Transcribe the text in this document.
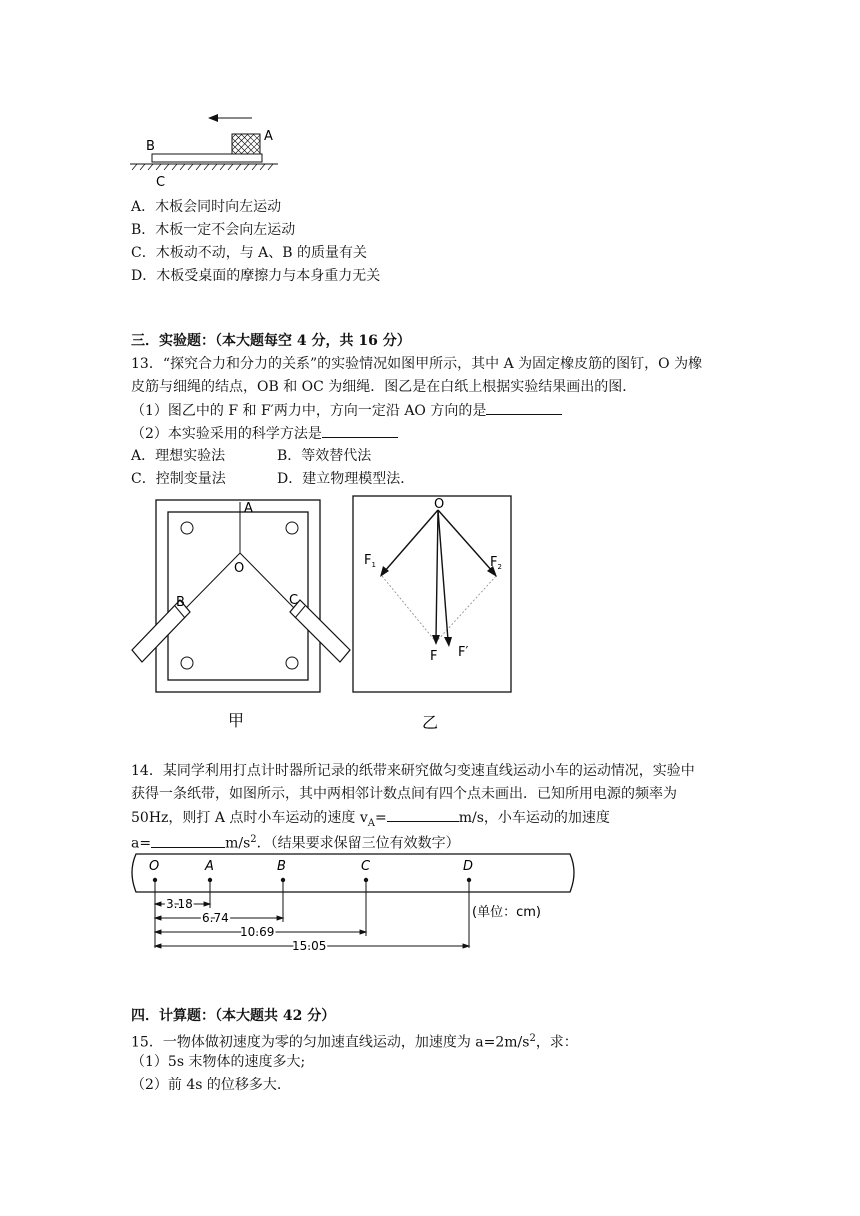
A
B
C
A．木板会同时向左运动
B．木板一定不会向左运动
C．木板动不动，与 A、B 的质量有关
D．木板受桌面的摩擦力与本身重力无关
三．实验题：（本大题每空 4 分，共 16 分）
13．“探究合力和分力的关系”的实验情况如图甲所示，其中 A 为固定橡皮筋的图钉，O 为橡
皮筋与细绳的结点，OB 和 OC 为细绳．图乙是在白纸上根据实验结果画出的图．
（1）图乙中的 F 和 F′两力中，方向一定沿 AO 方向的是
（2）本实验采用的科学方法是
A．理想实验法	B．等效替代法
C．控制变量法	D．建立物理模型法．
A
O
B	C
甲
O
$F_1$	$F_2$
F F′
乙
14．某同学利用打点计时器所记录的纸带来研究做匀变速直线运动小车的运动情况，实验中
获得一条纸带，如图所示，其中两相邻计数点间有四个点未画出．已知所用电源的频率为
50Hz，则打 A 点时小车运动的速度 $v_A=$	m/s，小车运动的加速度
a=	$m/s^2$．（结果要求保留三位有效数字）
O	A	B	C	D
3.18
6.74
10.69
15.05
(单位：cm)
四．计算题：（本大题共 42 分）
15．一物体做初速度为零的匀加速直线运动，加速度为 $a=2m/s^2$，求：
（1）5s 末物体的速度多大;
（2）前 4s 的位移多大.
